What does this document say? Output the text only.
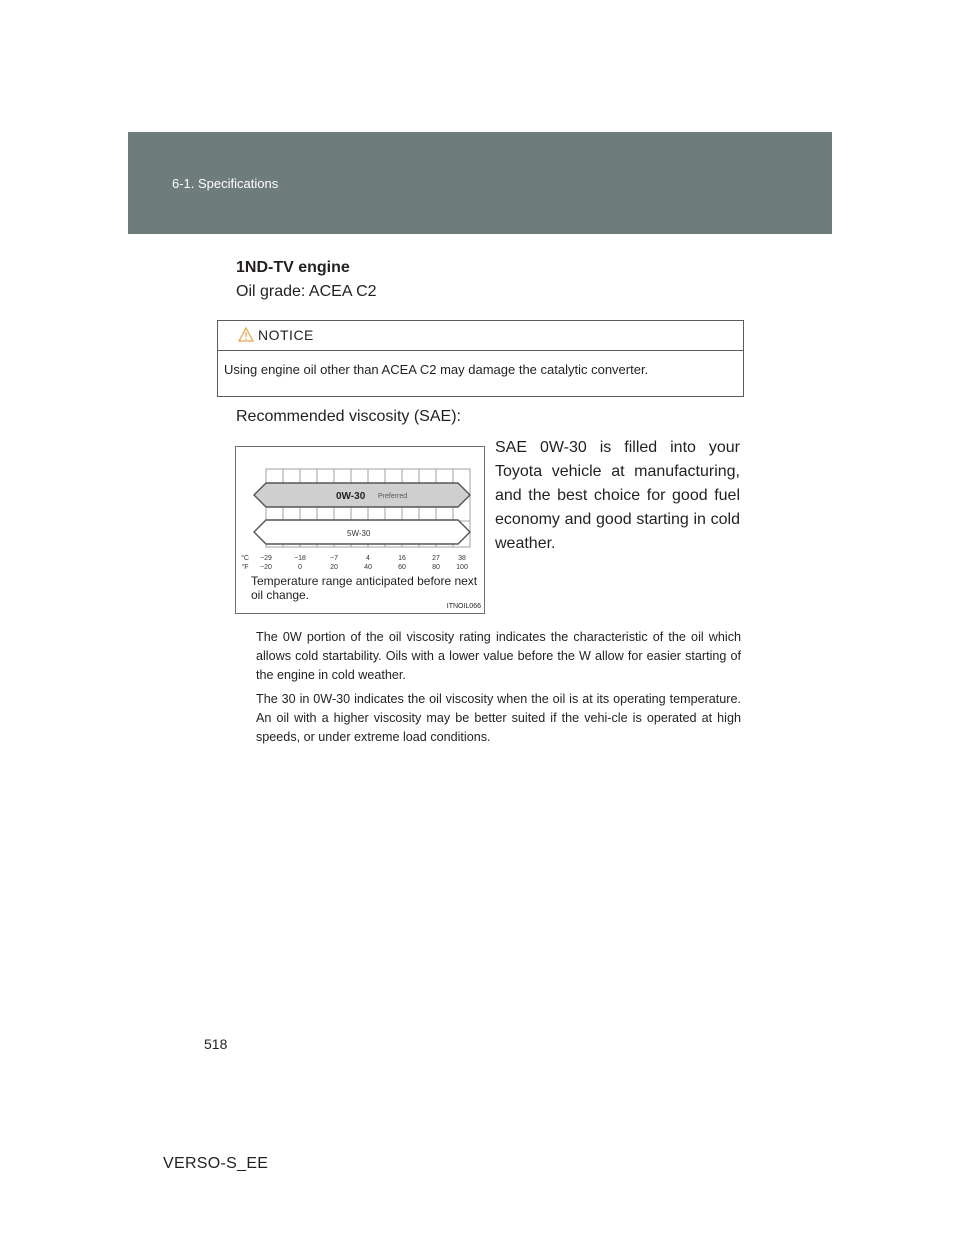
6-1. Specifications
1ND-TV engine
Oil grade: ACEA C2
NOTICE
Using engine oil other than ACEA C2 may damage the catalytic converter.
Recommended viscosity (SAE):
SAE 0W-30 is filled into your Toyota vehicle at manufacturing, and the best choice for good fuel economy and good starting in cold weather.
0W-30 Preferred
5W-30
°C
°F
−29	−18	−7	4	16	27	38
−20	0	20	40	60	80 100
Temperature range anticipated before next oil change.
ITNOIL066
The 0W portion of the oil viscosity rating indicates the characteristic of the oil which allows cold startability. Oils with a lower value before the W allow for easier starting of the engine in cold weather.
The 30 in 0W-30 indicates the oil viscosity when the oil is at its operating temperature. An oil with a higher viscosity may be better suited if the vehi-cle is operated at high speeds, or under extreme load conditions.
518
VERSO-S_EE
